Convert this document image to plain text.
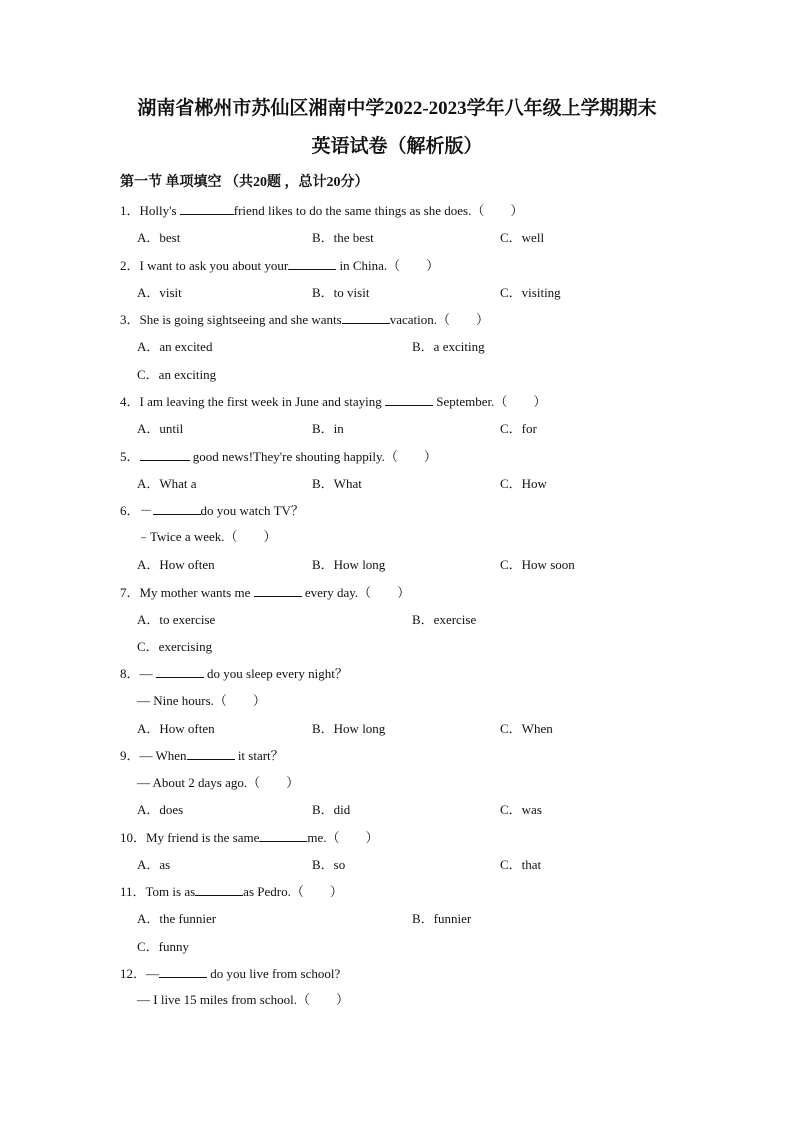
湖南省郴州市苏仙区湘南中学2022-2023学年八年级上学期期末
英语试卷（解析版）
第一节 单项填空 （共20题 ，总计20分）
1．Holly's	friend likes to do the same things as she does.（　　）
A．best	B．the best	C．well
2．I want to ask you about your	in China.（　　）
A．visit	B．to visit	C．visiting
3．She is going sightseeing and she wants	vacation.（　　）
A．an excited	B．a exciting
C．an exciting
4．I am leaving the first week in June and staying	September.（　　）
A．until	B．in	C．for
5．	good news!They're shouting happily.（　　）
A．What a	B．What	C．How
6．－	do you watch TV？
﹣Twice a week.（　　）
A．How often	B．How long	C．How soon
7．My mother wants me	every day.（　　）
A．to exercise	B．exercise
C．exercising
8．—	do you sleep every night？
— Nine hours.（　　）
A．How often	B．How long	C．When
9．— When	it start？
— About 2 days ago.（　　）
A．does	B．did	C．was
10．My friend is the same	me.（　　）
A．as	B．so	C．that
11．Tom is as	as Pedro.（　　）
A．the funnier	B．funnier
C．funny
12．—	do you live from school?
— I live 15 miles from school.（　　）
